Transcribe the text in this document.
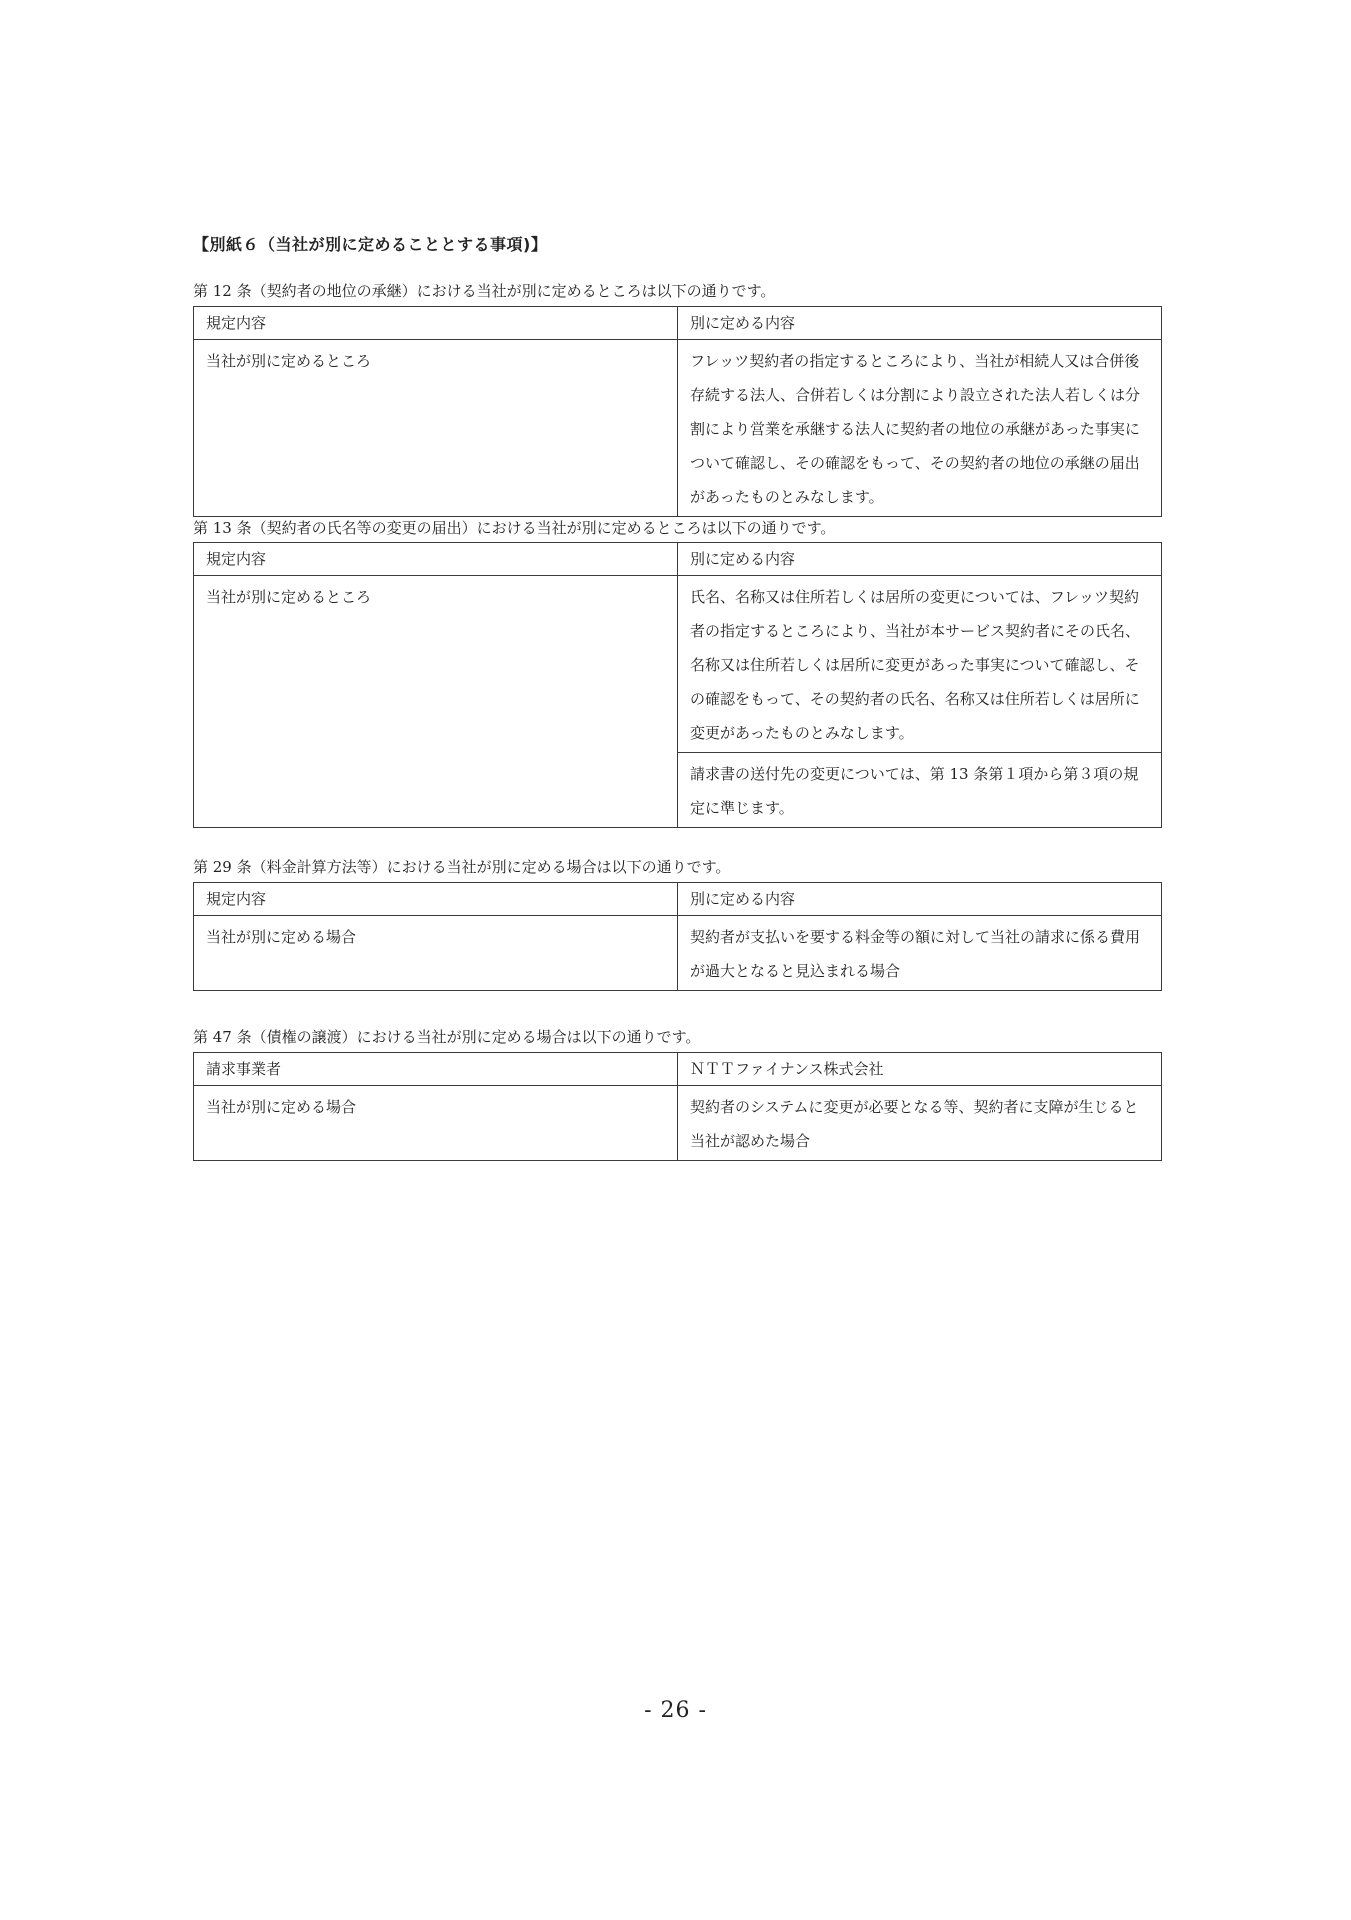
【別紙６（当社が別に定めることとする事項)】
第 12 条（契約者の地位の承継）における当社が別に定めるところは以下の通りです。
規定内容	別に定める内容
当社が別に定めるところ	フレッツ契約者の指定するところにより、当社が相続人又は合併後存続する法人、合併若しくは分割により設立された法人若しくは分割により営業を承継する法人に契約者の地位の承継があった事実について確認し、その確認をもって、その契約者の地位の承継の届出があったものとみなします。
第 13 条（契約者の氏名等の変更の届出）における当社が別に定めるところは以下の通りです。
規定内容	別に定める内容
当社が別に定めるところ	氏名、名称又は住所若しくは居所の変更については、フレッツ契約者の指定するところにより、当社が本サービス契約者にその氏名、名称又は住所若しくは居所に変更があった事実について確認し、その確認をもって、その契約者の氏名、名称又は住所若しくは居所に変更があったものとみなします。
	請求書の送付先の変更については、第 13 条第１項から第３項の規定に準じます。
第 29 条（料金計算方法等）における当社が別に定める場合は以下の通りです。
規定内容	別に定める内容
当社が別に定める場合	契約者が支払いを要する料金等の額に対して当社の請求に係る費用が過大となると見込まれる場合
第 47 条（債権の譲渡）における当社が別に定める場合は以下の通りです。
請求事業者	ＮＴＴファイナンス株式会社
当社が別に定める場合	契約者のシステムに変更が必要となる等、契約者に支障が生じると当社が認めた場合
- 26 -
